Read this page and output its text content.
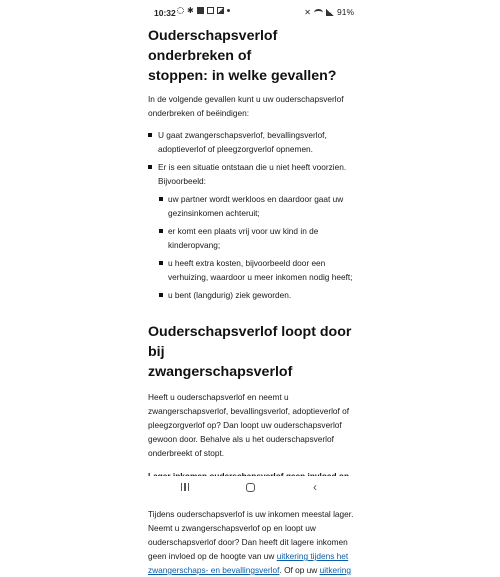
10:32 ✱	✕	91%
Ouderschapsverlof onderbreken of
stoppen: in welke gevallen?

In de volgende gevallen kunt u uw ouderschapsverlof
onderbreken of beëindigen:

U gaat zwangerschapsverlof, bevallingsverlof,
adoptieverlof of pleegzorgverlof opnemen.
Er is een situatie ontstaan die u niet heeft voorzien.
Bijvoorbeeld:
uw partner wordt werkloos en daardoor gaat uw
gezinsinkomen achteruit;
er komt een plaats vrij voor uw kind in de
kinderopvang;
u heeft extra kosten, bijvoorbeeld door een
verhuizing, waardoor u meer inkomen nodig heeft;
u bent (langdurig) ziek geworden.
Ouderschapsverlof loopt door bij
zwangerschapsverlof

Heeft u ouderschapsverlof en neemt u
zwangerschapsverlof, bevallingsverlof, adoptieverlof of
pleegzorgverlof op? Dan loopt uw ouderschapsverlof
gewoon door. Behalve als u het ouderschapsverlof
onderbreekt of stopt.

Tijdens ouderschapsverlof is uw inkomen meestal lager.
Neemt u zwangerschapsverlof op en loopt uw
ouderschapsverlof door? Dan heeft dit lagere inkomen
geen invloed op de hoogte van uw uitkering tijdens het
zwangerschaps- en bevallingsverlof. Of op uw uitkering

‹
